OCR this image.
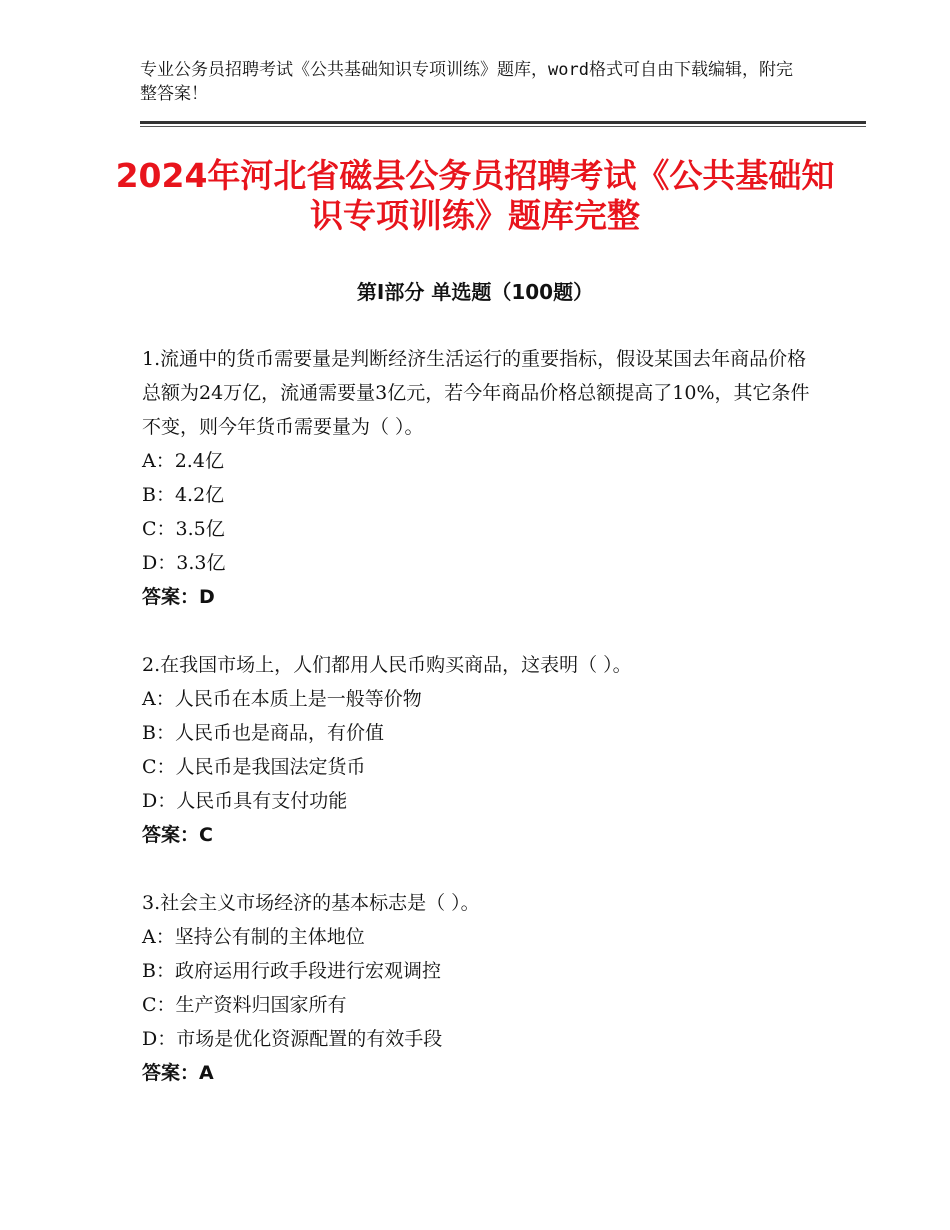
专业公务员招聘考试《公共基础知识专项训练》题库，word格式可自由下载编辑，附完整答案！
2024年河北省磁县公务员招聘考试《公共基础知识专项训练》题库完整
第Ⅰ部分 单选题（100题）

1.流通中的货币需要量是判断经济生活运行的重要指标，假设某国去年商品价格总额为24万亿，流通需要量3亿元，若今年商品价格总额提高了10%，其它条件不变，则今年货币需要量为（ ）。

A：2.4亿

B：4.2亿

C：3.5亿

D：3.3亿

答案：D

2.在我国市场上，人们都用人民币购买商品，这表明（ ）。

A：人民币在本质上是一般等价物

B：人民币也是商品，有价值

C：人民币是我国法定货币

D：人民币具有支付功能

答案：C

3.社会主义市场经济的基本标志是（ ）。

A：坚持公有制的主体地位

B：政府运用行政手段进行宏观调控

C：生产资料归国家所有

D：市场是优化资源配置的有效手段

答案：A
